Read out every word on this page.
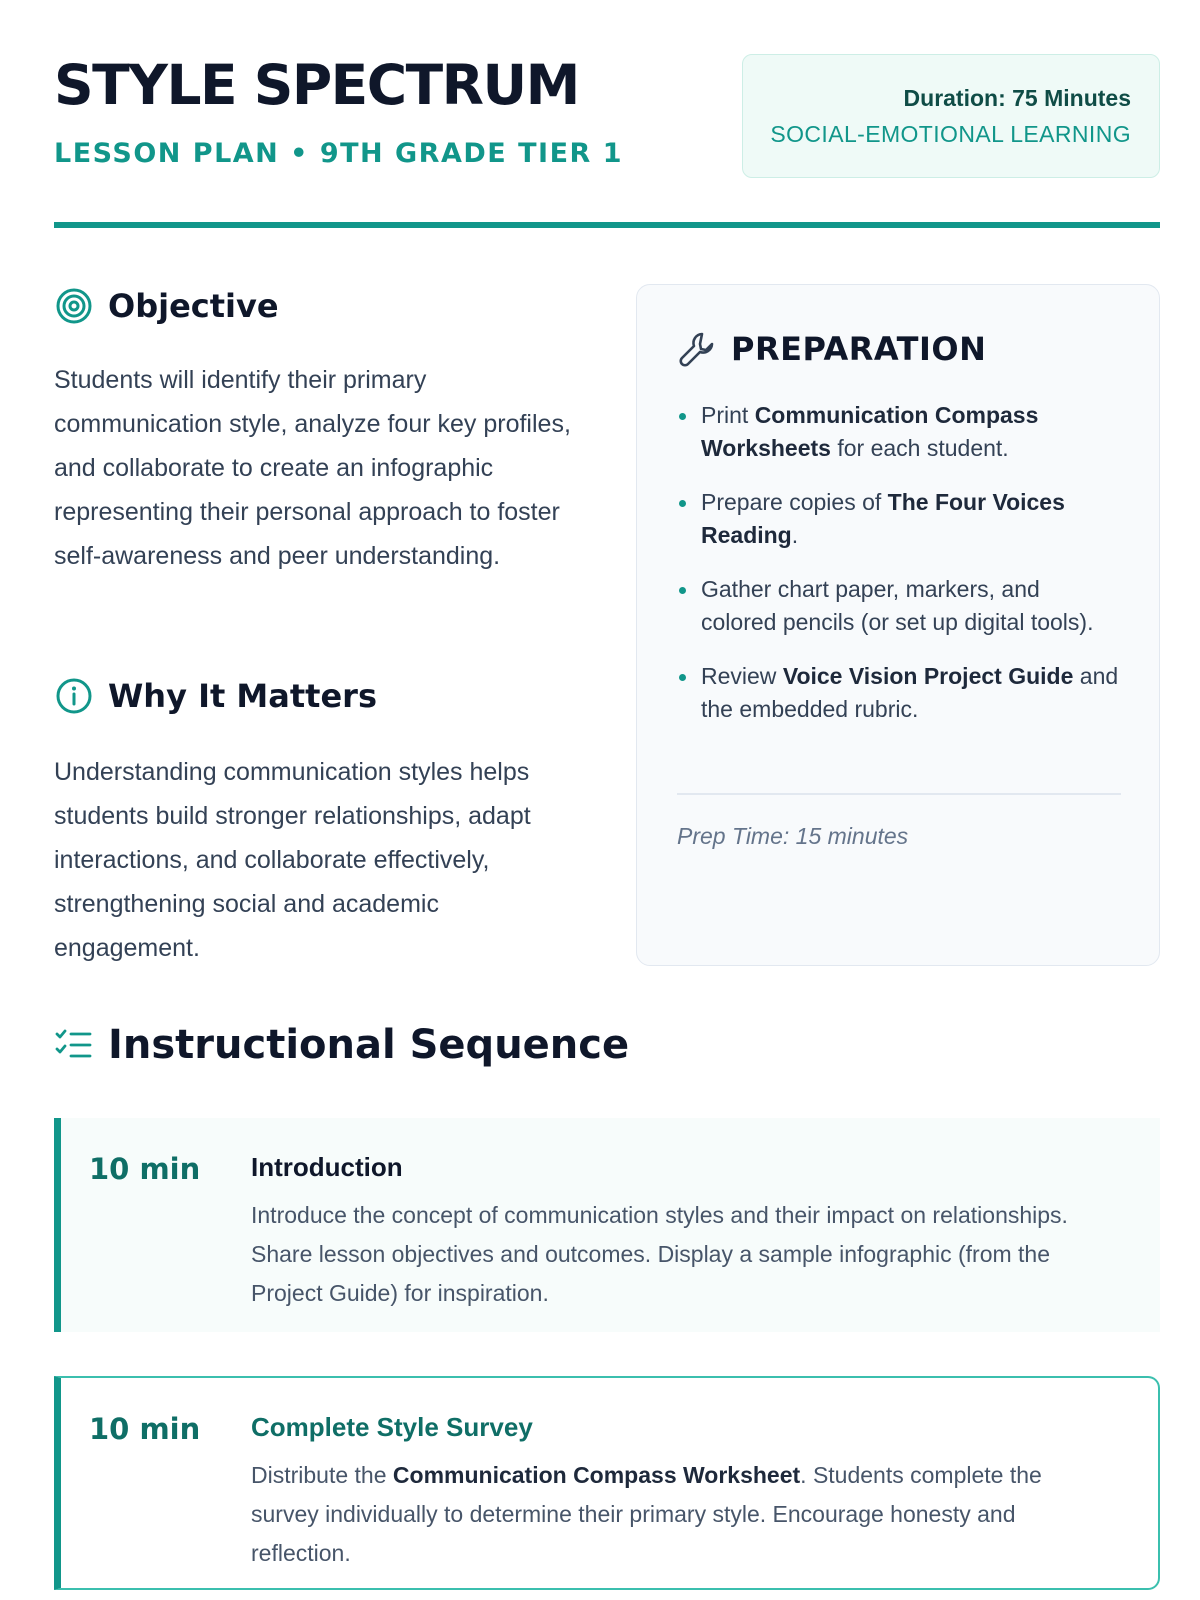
STYLE SPECTRUM
LESSON PLAN • 9TH GRADE TIER 1
Duration: 75 Minutes
SOCIAL-EMOTIONAL LEARNING
Objective

Students will identify their primary communication style, analyze four key profiles, and collaborate to create an infographic representing their personal approach to foster self-awareness and peer understanding.

Why It Matters

Understanding communication styles helps students build stronger relationships, adapt interactions, and collaborate effectively, strengthening social and academic engagement.

PREPARATION
Print Communication Compass Worksheets for each student.
Prepare copies of The Four Voices Reading.
Gather chart paper, markers, and colored pencils (or set up digital tools).
Review Voice Vision Project Guide and the embedded rubric.
Prep Time: 15 minutes
Instructional Sequence
10 min Introduction
Introduce the concept of communication styles and their impact on relationships. Share lesson objectives and outcomes. Display a sample infographic (from the Project Guide) for inspiration.
10 min Complete Style Survey
Distribute the Communication Compass Worksheet. Students complete the survey individually to determine their primary style. Encourage honesty and reflection.
